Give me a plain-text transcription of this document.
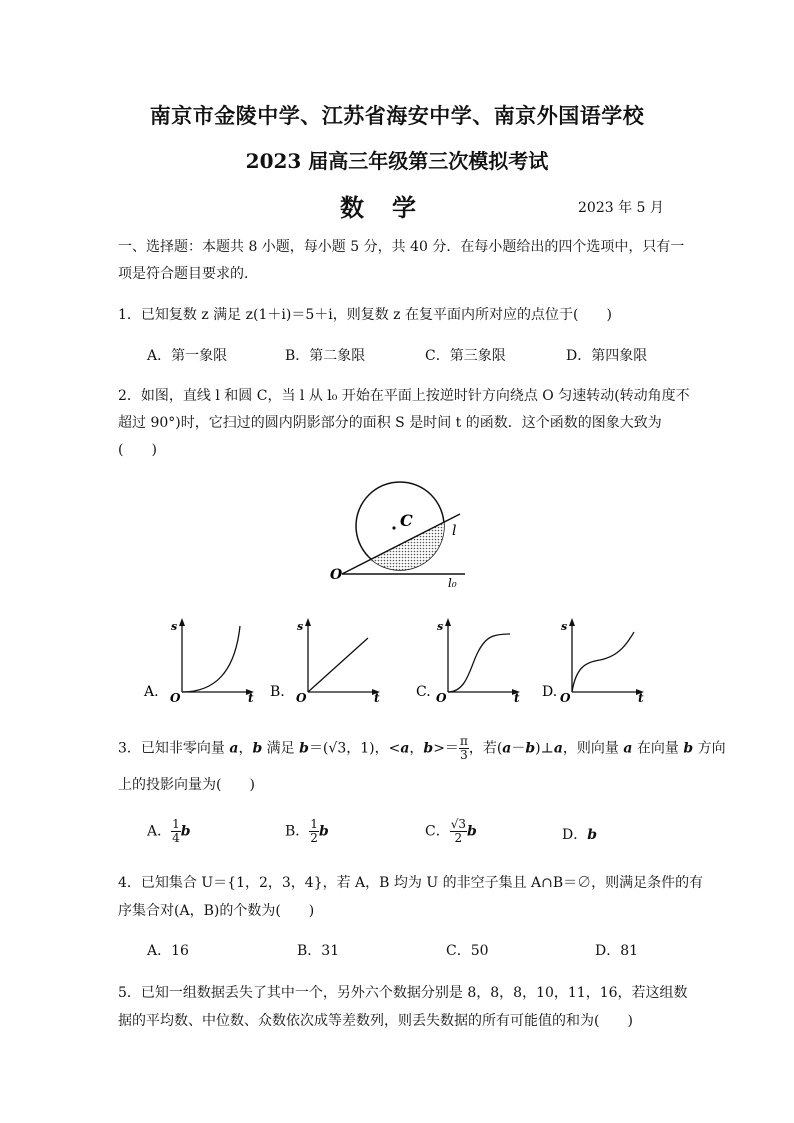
南京市金陵中学、江苏省海安中学、南京外国语学校
2023 届高三年级第三次模拟考试
数　学	2023 年 5 月
一、选择题：本题共 8 小题，每小题 5 分，共 40 分．在每小题给出的四个选项中，只有一
项是符合题目要求的．
1．已知复数 z 满足 z(1＋i)＝5＋i，则复数 z 在复平面内所对应的点位于(　　)
A．第一象限	B．第二象限	C．第三象限	D．第四象限
2．如图，直线 l 和圆 C，当 l 从 l₀ 开始在平面上按逆时针方向绕点 O 匀速转动(转动角度不
超过 90°)时，它扫过的圆内阴影部分的面积 S 是时间 t 的函数．这个函数的图象大致为
(　　)
C
l
O	l₀
A.
s
O	t B.
s
O	t	C.
s
O	t D.
s
O	t
3．已知非零向量 a，b 满足 b＝(√3，1)，<a，$b>= \frac{\pi}{3}$ ，若(a－b)⊥a，则向量 a 在向量 b 方向
上的投影向量为(　　)
A． $\frac{1}{4}$ b	B． $\frac{1}{2}$ b	C． $\frac{√3}{2}$ b	D．b
4．已知集合 U＝{1，2，3，4}，若 A，B 均为 U 的非空子集且 A∩B＝∅，则满足条件的有
序集合对(A，B)的个数为(　　)
A．16	B．31	C．50	D．81
5．已知一组数据丢失了其中一个，另外六个数据分别是 8，8，8，10，11，16，若这组数
据的平均数、中位数、众数依次成等差数列，则丢失数据的所有可能值的和为(　　)
